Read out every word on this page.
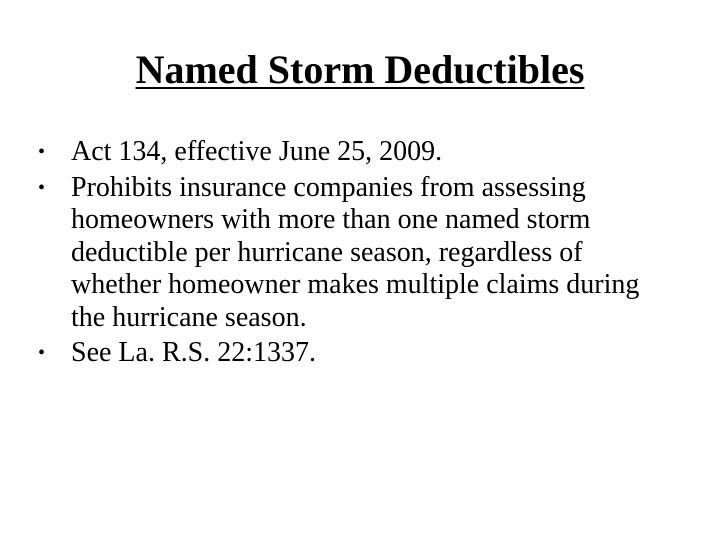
Named Storm Deductibles
• Act 134, effective June 25, 2009.
• Prohibits insurance companies from assessing homeowners with more than one named storm deductible per hurricane season, regardless of whether homeowner makes multiple claims during the hurricane season.
• See La. R.S. 22:1337.
